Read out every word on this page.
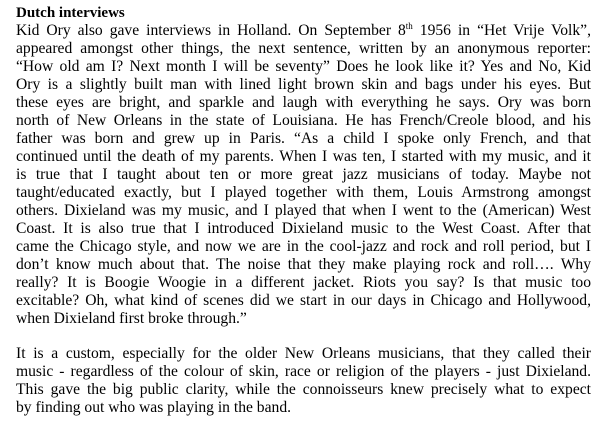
Dutch interviews
Kid Ory also gave interviews in Holland. On September 8th 1956 in “Het Vrije Volk”,
appeared amongst other things, the next sentence, written by an anonymous reporter:
“How old am I? Next month I will be seventy” Does he look like it? Yes and No, Kid
Ory is a slightly built man with lined light brown skin and bags under his eyes. But
these eyes are bright, and sparkle and laugh with everything he says. Ory was born
north of New Orleans in the state of Louisiana. He has French/Creole blood, and his
father was born and grew up in Paris. “As a child I spoke only French, and that
continued until the death of my parents. When I was ten, I started with my music, and it
is true that I taught about ten or more great jazz musicians of today. Maybe not
taught/educated exactly, but I played together with them, Louis Armstrong amongst
others. Dixieland was my music, and I played that when I went to the (American) West
Coast. It is also true that I introduced Dixieland music to the West Coast. After that
came the Chicago style, and now we are in the cool-jazz and rock and roll period, but I
don’t know much about that. The noise that they make playing rock and roll…. Why
really? It is Boogie Woogie in a different jacket. Riots you say? Is that music too
excitable? Oh, what kind of scenes did we start in our days in Chicago and Hollywood,
when Dixieland first broke through.”
It is a custom, especially for the older New Orleans musicians, that they called their
music - regardless of the colour of skin, race or religion of the players - just Dixieland.
This gave the big public clarity, while the connoisseurs knew precisely what to expect
by finding out who was playing in the band.
